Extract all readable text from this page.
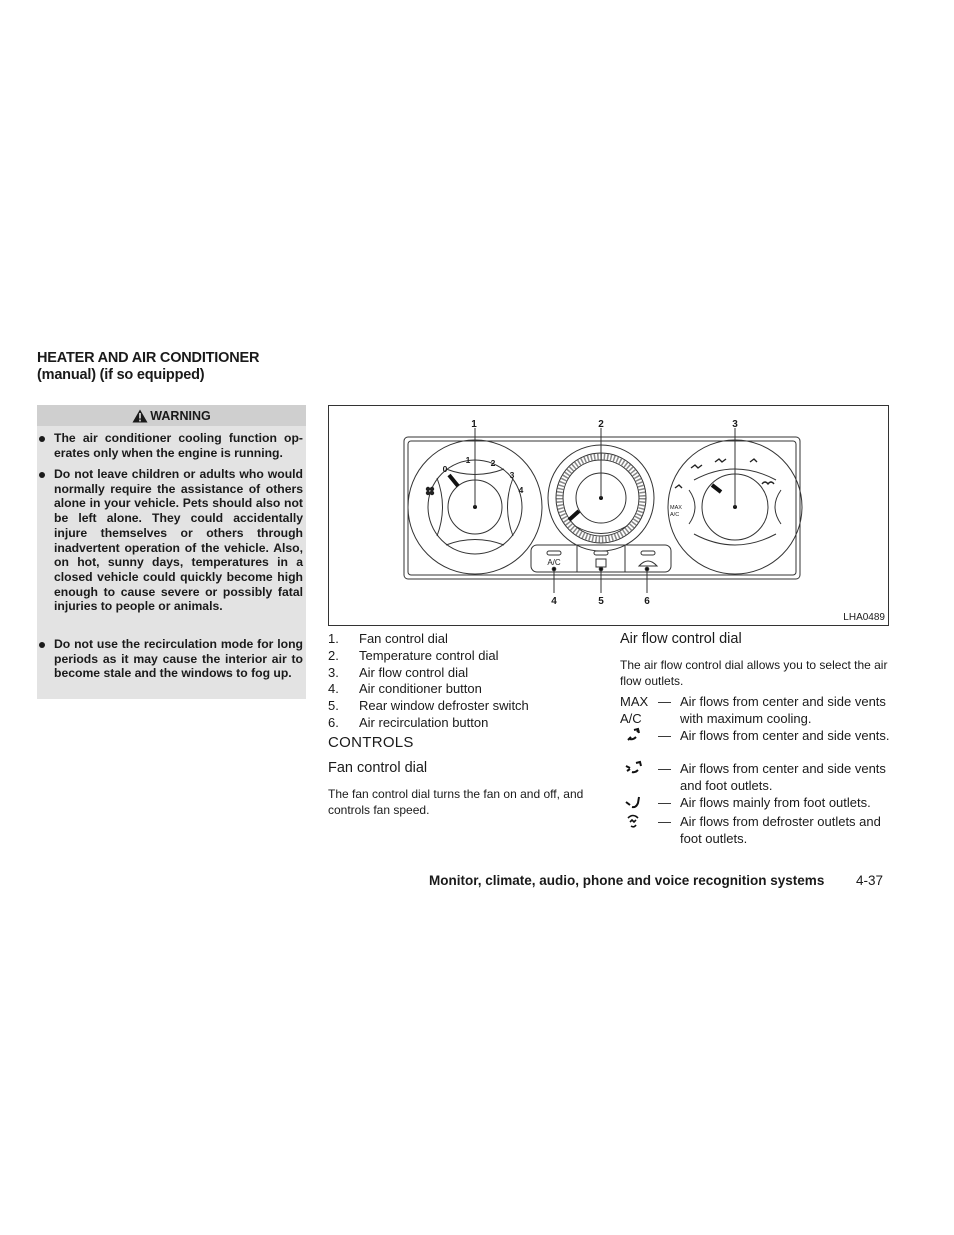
HEATER AND AIR CONDITIONER
(manual) (if so equipped)
WARNING
The air conditioner cooling function op-erates only when the engine is running.
Do not leave children or adults who would normally require the assistance of others alone in your vehicle. Pets should also not be left alone. They could accidentally injure themselves or others through inadvertent operation of the vehicle. Also, on hot, sunny days, temperatures in a closed vehicle could quickly become high enough to cause severe or possibly fatal injuries to people or animals.
Do not use the recirculation mode for long periods as it may cause the interior air to become stale and the windows to fog up.
1	2	3
4	5	6
0
1 2
3
4
A/C
MAX
A/C
LHA0489
1. Fan control dial
2. Temperature control dial
3. Air flow control dial
4. Air conditioner button
5. Rear window defroster switch
6. Air recirculation button
CONTROLS
Fan control dial
The fan control dial turns the fan on and off, and controls fan speed.
Air flow control dial
The air flow control dial allows you to select the air flow outlets.
MAX A/C
— Air flows from center and side vents with maximum cooling.
— Air flows from center and side vents.
— Air flows from center and side vents and foot outlets.
— Air flows mainly from foot outlets.
— Air flows from defroster outlets and foot outlets.
Monitor, climate, audio, phone and voice recognition systems 4-37
